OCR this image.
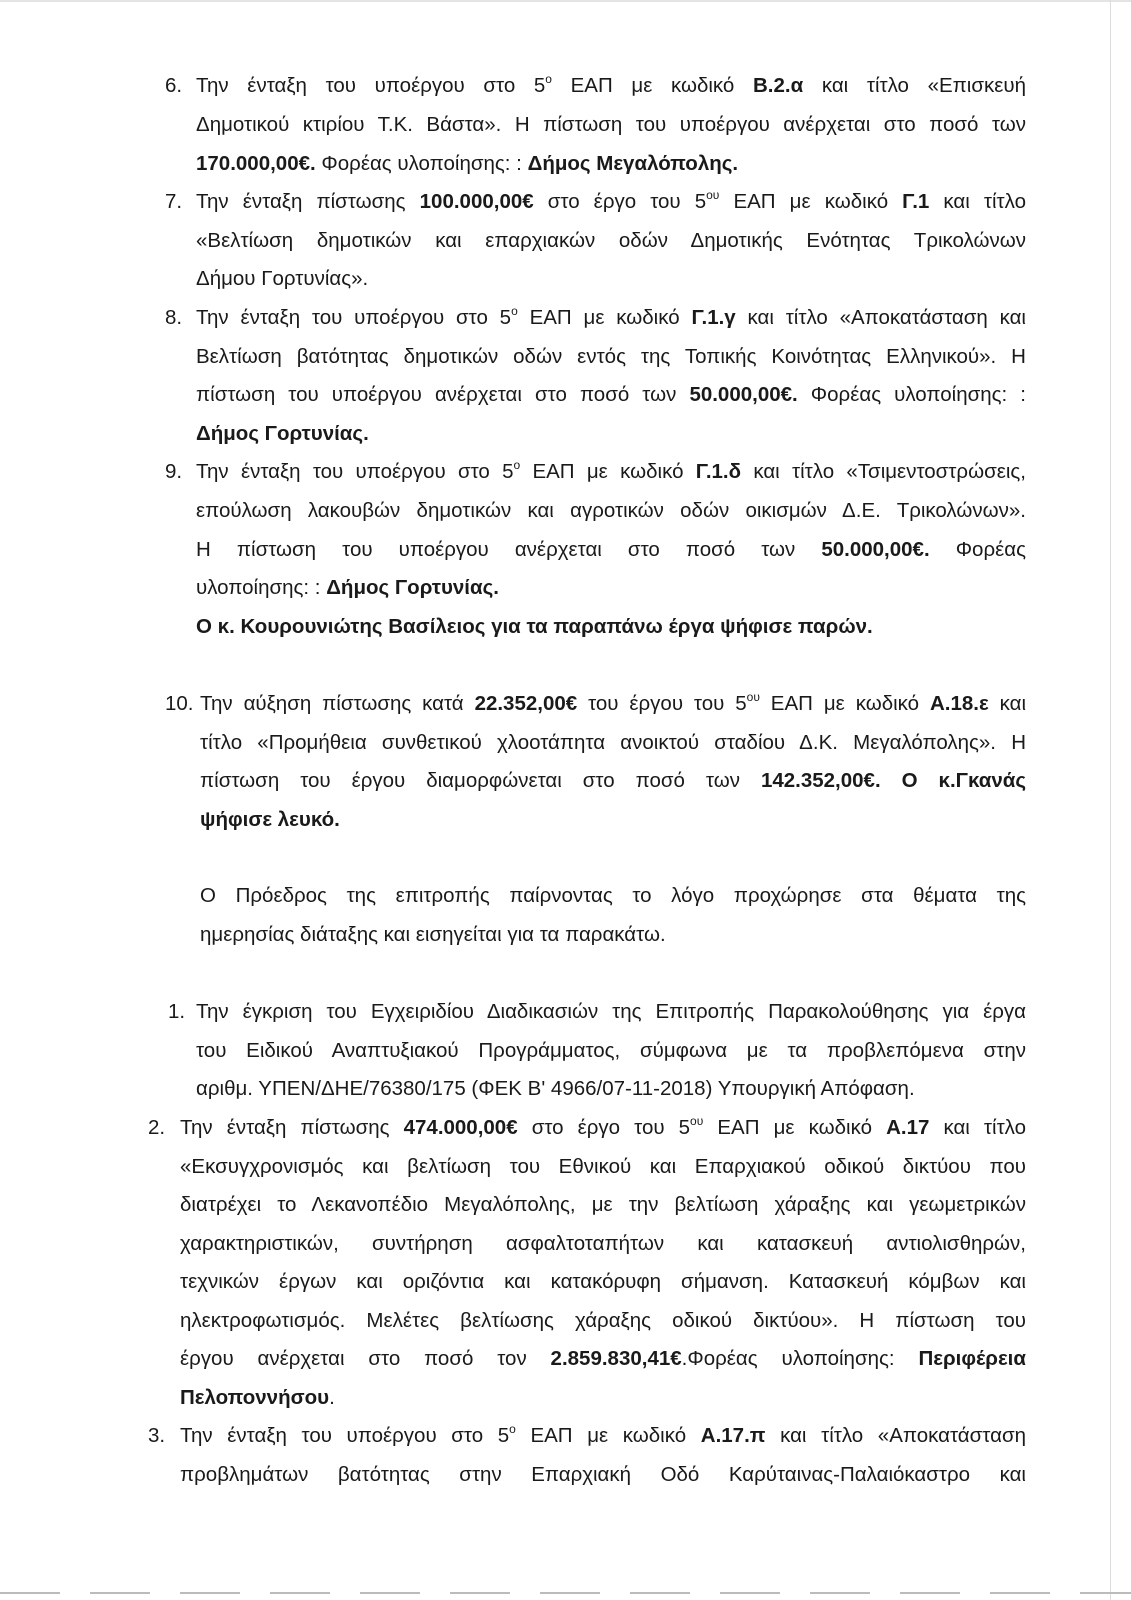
6. Την ένταξη του υποέργου στο $5^o$ ΕΑΠ με κωδικό Β.2.α και τίτλο «Επισκευή
Δημοτικού κτιρίου Τ.Κ. Βάστα». Η πίστωση του υποέργου ανέρχεται στο ποσό των
170.000,00€. Φορέας υλοποίησης: : Δήμος Μεγαλόπολης.
7. Την ένταξη πίστωσης 100.000,00€ στο έργο του $5^{o\upsilon}$ ΕΑΠ με κωδικό Γ.1 και τίτλο
«Βελτίωση δημοτικών και επαρχιακών οδών Δημοτικής Ενότητας Τρικολώνων
Δήμου Γορτυνίας».
8. Την ένταξη του υποέργου στο $5^o$ ΕΑΠ με κωδικό Γ.1.γ και τίτλο «Αποκατάσταση και
Βελτίωση βατότητας δημοτικών οδών εντός της Τοπικής Κοινότητας Ελληνικού». Η
πίστωση του υποέργου ανέρχεται στο ποσό των 50.000,00€. Φορέας υλοποίησης: :
Δήμος Γορτυνίας.
9. Την ένταξη του υποέργου στο $5^o$ ΕΑΠ με κωδικό Γ.1.δ και τίτλο «Τσιμεντοστρώσεις,
επούλωση λακουβών δημοτικών και αγροτικών οδών οικισμών Δ.Ε. Τρικολώνων».
Η πίστωση του υποέργου ανέρχεται στο ποσό των 50.000,00€. Φορέας
υλοποίησης: : Δήμος Γορτυνίας.
Ο κ. Κουρουνιώτης Βασίλειος για τα παραπάνω έργα ψήφισε παρών.
10. Την αύξηση πίστωσης κατά 22.352,00€ του έργου του $5^{o\upsilon}$ ΕΑΠ με κωδικό Α.18.ε και
τίτλο «Προμήθεια συνθετικού χλοοτάπητα ανοικτού σταδίου Δ.Κ. Μεγαλόπολης». Η
πίστωση του έργου διαμορφώνεται στο ποσό των 142.352,00€. Ο κ.Γκανάς
ψήφισε λευκό.
Ο Πρόεδρος της επιτροπής παίρνοντας το λόγο προχώρησε στα θέματα της
ημερησίας διάταξης και εισηγείται για τα παρακάτω.
1. Την έγκριση του Εγχειριδίου Διαδικασιών της Επιτροπής Παρακολούθησης για έργα
του Ειδικού Αναπτυξιακού Προγράμματος, σύμφωνα με τα προβλεπόμενα στην
αριθμ. ΥΠΕΝ/ΔΗΕ/76380/175 (ΦΕΚ Β' 4966/07-11-2018) Υπουργική Απόφαση.
2. Την ένταξη πίστωσης 474.000,00€ στο έργο του $5^{o\upsilon}$ ΕΑΠ με κωδικό Α.17 και τίτλο
«Εκσυγχρονισμός και βελτίωση του Εθνικού και Επαρχιακού οδικού δικτύου που
διατρέχει το Λεκανοπέδιο Μεγαλόπολης, με την βελτίωση χάραξης και γεωμετρικών
χαρακτηριστικών, συντήρηση ασφαλτοταπήτων και κατασκευή αντιολισθηρών,
τεχνικών έργων και οριζόντια και κατακόρυφη σήμανση. Κατασκευή κόμβων και
ηλεκτροφωτισμός. Μελέτες βελτίωσης χάραξης οδικού δικτύου». Η πίστωση του
έργου ανέρχεται στο ποσό τον 2.859.830,41€.Φορέας υλοποίησης: Περιφέρεια
Πελοποννήσου.
3. Την ένταξη του υποέργου στο $5^o$ ΕΑΠ με κωδικό Α.17.π και τίτλο «Αποκατάσταση
προβλημάτων βατότητας στην Επαρχιακή Οδό Καρύταινας-Παλαιόκαστρο και
